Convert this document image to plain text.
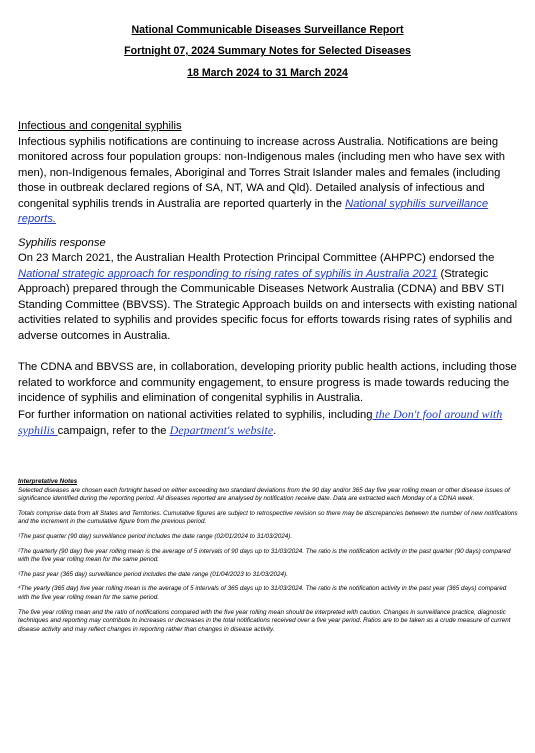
National Communicable Diseases Surveillance Report
Fortnight 07, 2024 Summary Notes for Selected Diseases
18 March 2024 to 31 March 2024

Infectious and congenital syphilis

Infectious syphilis notifications are continuing to increase across Australia. Notifications are being monitored across four population groups: non-Indigenous males (including men who have sex with men), non-Indigenous females, Aboriginal and Torres Strait Islander males and females (including those in outbreak declared regions of SA, NT, WA and Qld). Detailed analysis of infectious and congenital syphilis trends in Australia are reported quarterly in the National syphilis surveillance reports.

Syphilis response

On 23 March 2021, the Australian Health Protection Principal Committee (AHPPC) endorsed the National strategic approach for responding to rising rates of syphilis in Australia 2021 (Strategic Approach) prepared through the Communicable Diseases Network Australia (CDNA) and BBV STI Standing Committee (BBVSS). The Strategic Approach builds on and intersects with existing national activities related to syphilis and provides specific focus for efforts towards rising rates of syphilis and adverse outcomes in Australia.

The CDNA and BBVSS are, in collaboration, developing priority public health actions, including those related to workforce and community engagement, to ensure progress is made towards reducing the incidence of syphilis and elimination of congenital syphilis in Australia.

For further information on national activities related to syphilis, including the Don't fool around with syphilis campaign, refer to the Department's website.

Interpretative Notes

Selected diseases are chosen each fortnight based on either exceeding two standard deviations from the 90 day and/or 365 day five year rolling mean or other disease issues of significance identified during the reporting period. All diseases reported are analysed by notification receive date. Data are extracted each Monday of a CDNA week.

Totals comprise data from all States and Territories. Cumulative figures are subject to retrospective revision so there may be discrepancies between the number of new notifications and the increment in the cumulative figure from the previous period.

¹The past quarter (90 day) surveillance period includes the date range (02/01/2024 to 31/03/2024).

²The quarterly (90 day) five year rolling mean is the average of 5 intervals of 90 days up to 31/03/2024. The ratio is the notification activity in the past quarter (90 days) compared with the five year rolling mean for the same period.

³The past year (365 day) surveillance period includes the date range (01/04/2023 to 31/03/2024).

⁴The yearly (365 day) five year rolling mean is the average of 5 intervals of 365 days up to 31/03/2024. The ratio is the notification activity in the past year (365 days) compared with the five year rolling mean for the same period.

The five year rolling mean and the ratio of notifications compared with the five year rolling mean should be interpreted with caution. Changes in surveillance practice, diagnostic techniques and reporting may contribute to increases or decreases in the total notifications received over a five year period. Ratios are to be taken as a crude measure of current disease activity and may reflect changes in reporting rather than changes in disease activity.
